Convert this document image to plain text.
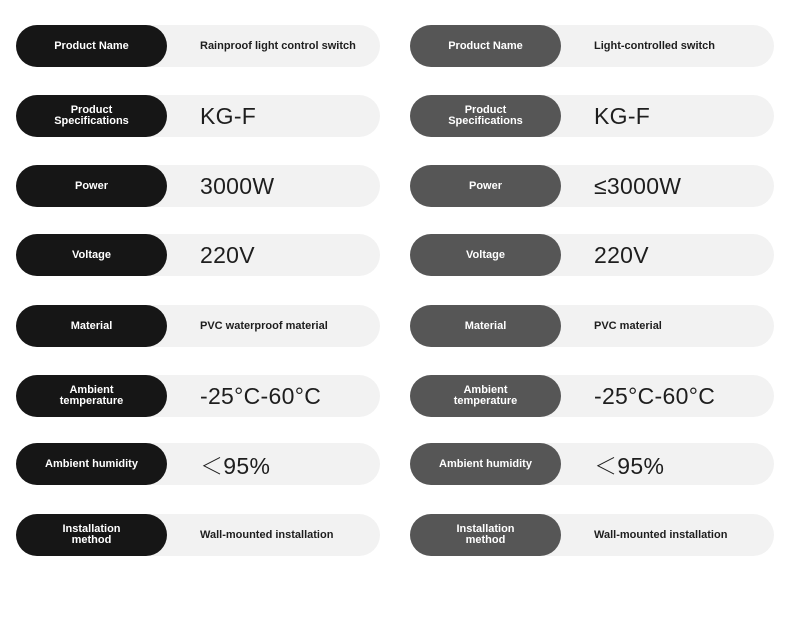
Product Name	Rainproof light control switch
Product
Specifications	KG-F
Power	3000W
Voltage	220V
Material	PVC waterproof material
Ambient
temperature	-25°C-60°C
Ambient humidity	＜95%
Installation
method	Wall-mounted installation
Product Name	Light-controlled switch
Product
Specifications	KG-F
Power	≤3000W
Voltage	220V
Material	PVC material
Ambient
temperature	-25°C-60°C
Ambient humidity	＜95%
Installation
method	Wall-mounted installation
